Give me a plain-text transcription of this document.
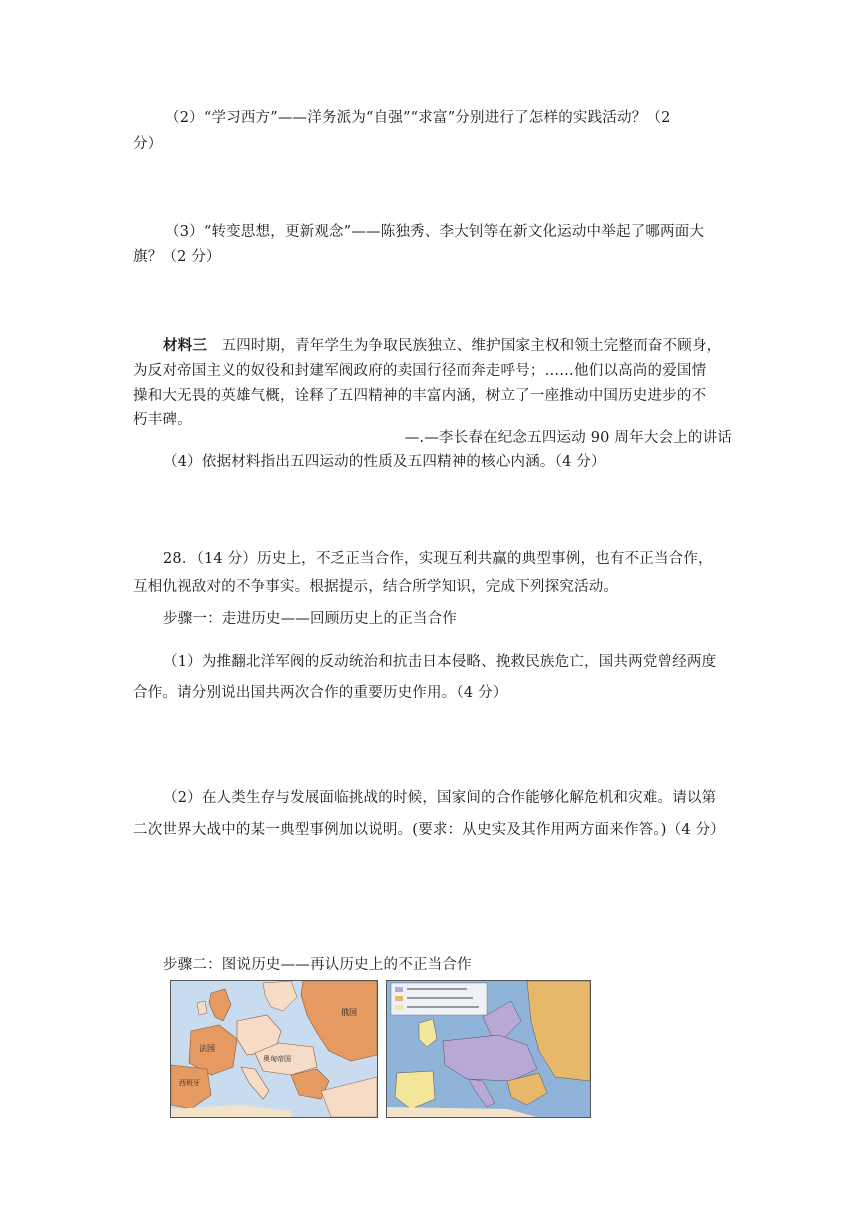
（2）“学习西方”——洋务派为“自强”“求富”分别进行了怎样的实践活动？（2
分）
（3）“转变思想，更新观念”——陈独秀、李大钊等在新文化运动中举起了哪两面大
旗？（2 分）
材料三 五四时期，青年学生为争取民族独立、维护国家主权和领土完整而奋不顾身，
为反对帝国主义的奴役和封建军阀政府的卖国行径而奔走呼号；……他们以高尚的爱国情
操和大无畏的英雄气概，诠释了五四精神的丰富内涵，树立了一座推动中国历史进步的不
朽丰碑。
—.—李长春在纪念五四运动 90 周年大会上的讲话
（4）依据材料指出五四运动的性质及五四精神的核心内涵。（4 分）
28．（14 分）历史上，不乏正当合作，实现互利共赢的典型事例，也有不正当合作，
互相仇视敌对的不争事实。根据提示，结合所学知识，完成下列探究活动。
步骤一：走进历史——回顾历史上的正当合作
（1）为推翻北洋军阀的反动统治和抗击日本侵略、挽救民族危亡，国共两党曾经两度
合作。请分别说出国共两次合作的重要历史作用。（4 分）
（2）在人类生存与发展面临挑战的时候，国家间的合作能够化解危机和灾难。请以第
二次世界大战中的某一典型事例加以说明。(要求：从史实及其作用两方面来作答。)（4 分）
步骤二：图说历史——再认历史上的不正当合作
俄国
法国
奥匈帝国
西班牙
